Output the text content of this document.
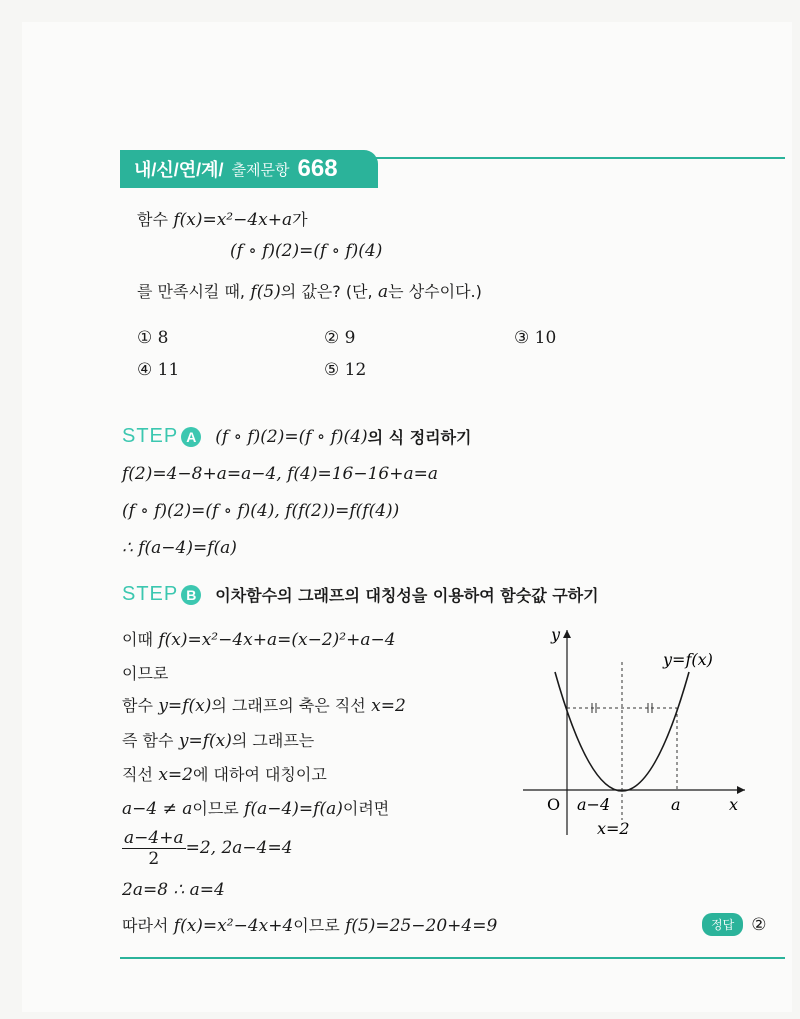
내/신/연/계/ 출제문항 668
함수 f(x)=x²−4x+a가
(f ∘ f)(2)=(f ∘ f)(4)
를 만족시킬 때, f(5)의 값은? (단, a는 상수이다.)
① 8	② 9	③ 10
④ 11	⑤ 12
STEP A (f ∘ f)(2)=(f ∘ f)(4) 의 식 정리하기
f(2)=4−8+a=a−4, f(4)=16−16+a=a
(f ∘ f)(2)=(f ∘ f)(4), f(f(2))=f(f(4))
∴ f(a−4)=f(a)
STEP B	이차함수의 그래프의 대칭성을 이용하여 함숫값 구하기
이때 f(x)=x²−4x+a=(x−2)²+a−4
이므로
함수 y=f(x)의 그래프의 축은 직선 x=2
즉 함수 y=f(x)의 그래프는
직선 x=2에 대하여 대칭이고
a−4 ≠ a이므로 f(a−4)=f(a)이려면
$\frac{a-4+a}{2} =2$, 2a−4=4
2a=8 ∴ a=4
따라서 f(x)=x²−4x+4이므로 f(5)=25−20+4=9
y
x
O a−4	a
y=f(x)
x=2
정답	②
